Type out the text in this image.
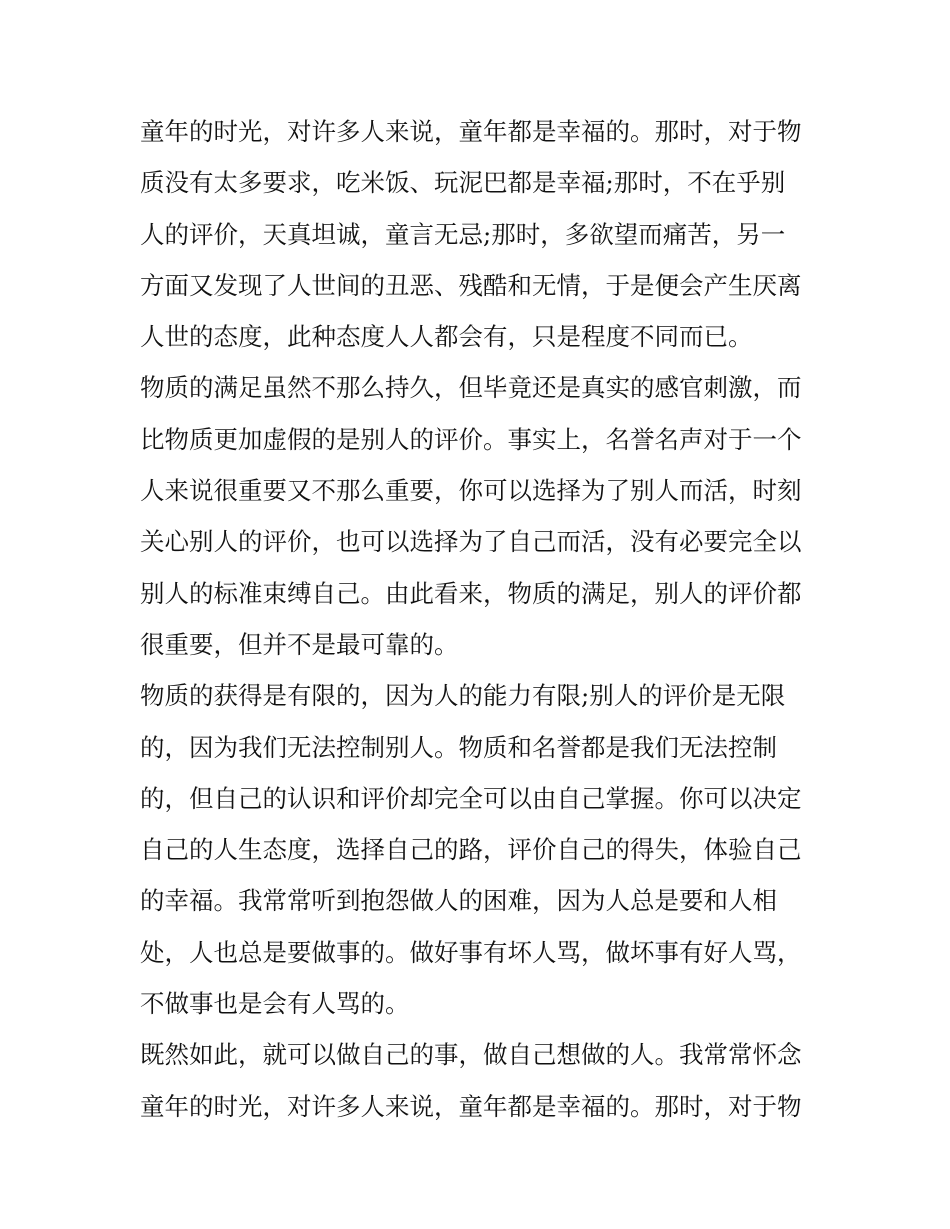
童年的时光，对许多人来说，童年都是幸福的。那时，对于物
质没有太多要求，吃米饭、玩泥巴都是幸福;那时，不在乎别
人的评价，天真坦诚，童言无忌;那时，多欲望而痛苦，另一
方面又发现了人世间的丑恶、残酷和无情，于是便会产生厌离
人世的态度，此种态度人人都会有，只是程度不同而已。
物质的满足虽然不那么持久，但毕竟还是真实的感官刺激，而
比物质更加虚假的是别人的评价。事实上，名誉名声对于一个
人来说很重要又不那么重要，你可以选择为了别人而活，时刻
关心别人的评价，也可以选择为了自己而活，没有必要完全以
别人的标准束缚自己。由此看来，物质的满足，别人的评价都
很重要，但并不是最可靠的。
物质的获得是有限的，因为人的能力有限;别人的评价是无限
的，因为我们无法控制别人。物质和名誉都是我们无法控制
的，但自己的认识和评价却完全可以由自己掌握。你可以决定
自己的人生态度，选择自己的路，评价自己的得失，体验自己
的幸福。我常常听到抱怨做人的困难，因为人总是要和人相
处，人也总是要做事的。做好事有坏人骂，做坏事有好人骂，
不做事也是会有人骂的。
既然如此，就可以做自己的事，做自己想做的人。我常常怀念
童年的时光，对许多人来说，童年都是幸福的。那时，对于物
